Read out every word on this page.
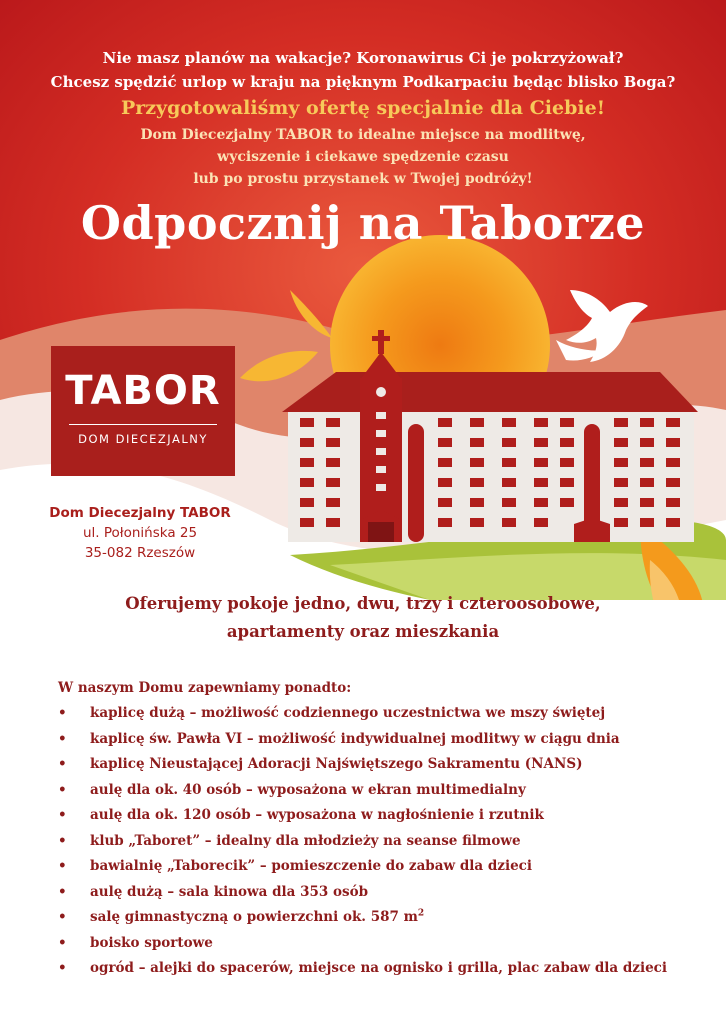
Nie masz planów na wakacje? Koronawirus Ci je pokrzyżował?
Chcesz spędzić urlop w kraju na pięknym Podkarpaciu będąc blisko Boga?
Przygotowaliśmy ofertę specjalnie dla Ciebie!
Dom Diecezjalny TABOR to idealne miejsce na modlitwę,
wyciszenie i ciekawe spędzenie czasu
lub po prostu przystanek w Twojej podróży!
Odpocznij na Taborze
TABOR
DOM DIECEZJALNY
Dom Diecezjalny TABOR
ul. Połonińska 25
35-082 Rzeszów
Oferujemy pokoje jedno, dwu, trzy i czteroosobowe,
apartamenty oraz mieszkania
W naszym Domu zapewniamy ponadto:
• kaplicę dużą – możliwość codziennego uczestnictwa we mszy świętej
• kaplicę św. Pawła VI – możliwość indywidualnej modlitwy w ciągu dnia
• kaplicę Nieustającej Adoracji Najświętszego Sakramentu (NANS)
• aulę dla ok. 40 osób – wyposażona w ekran multimedialny
• aulę dla ok. 120 osób – wyposażona w nagłośnienie i rzutnik
• klub „Taboret” – idealny dla młodzieży na seanse filmowe
• bawialnię „Taborecik” – pomieszczenie do zabaw dla dzieci
• aulę dużą – sala kinowa dla 353 osób
• salę gimnastyczną o powierzchni ok. 587 $m^2$
• boisko sportowe
• ogród – alejki do spacerów, miejsce na ognisko i grilla, plac zabaw dla dzieci
